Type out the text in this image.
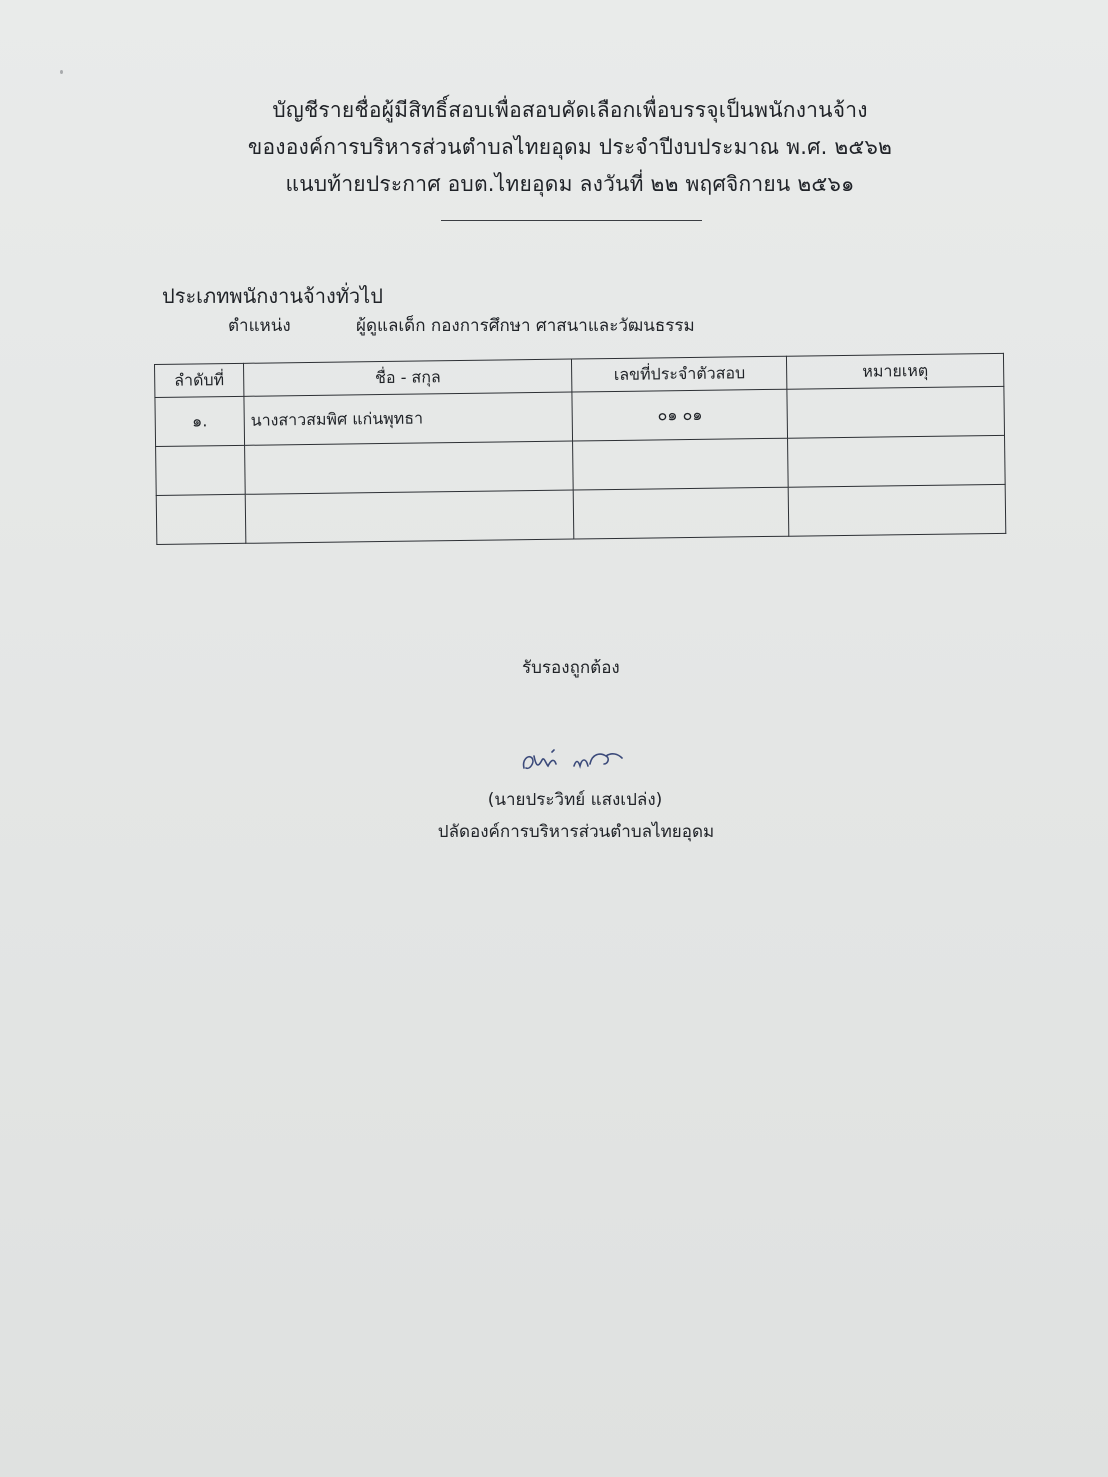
บัญชีรายชื่อผู้มีสิทธิ์สอบเพื่อสอบคัดเลือกเพื่อบรรจุเป็นพนักงานจ้าง
ขององค์การบริหารส่วนตำบลไทยอุดม ประจำปีงบประมาณ พ.ศ. ๒๕๖๒
แนบท้ายประกาศ อบต.ไทยอุดม ลงวันที่ ๒๒ พฤศจิกายน ๒๕๖๑
ประเภทพนักงานจ้างทั่วไป
ตำแหน่ง	ผู้ดูแลเด็ก กองการศึกษา ศาสนาและวัฒนธรรม
ลำดับที่	ชื่อ - สกุล	เลขที่ประจำตัวสอบ	หมายเหตุ
๑.	นางสาวสมพิศ แก่นพุทธา	๐๑ ๐๑	

รับรองถูกต้อง
(นายประวิทย์ แสงเปล่ง)
ปลัดองค์การบริหารส่วนตำบลไทยอุดม
